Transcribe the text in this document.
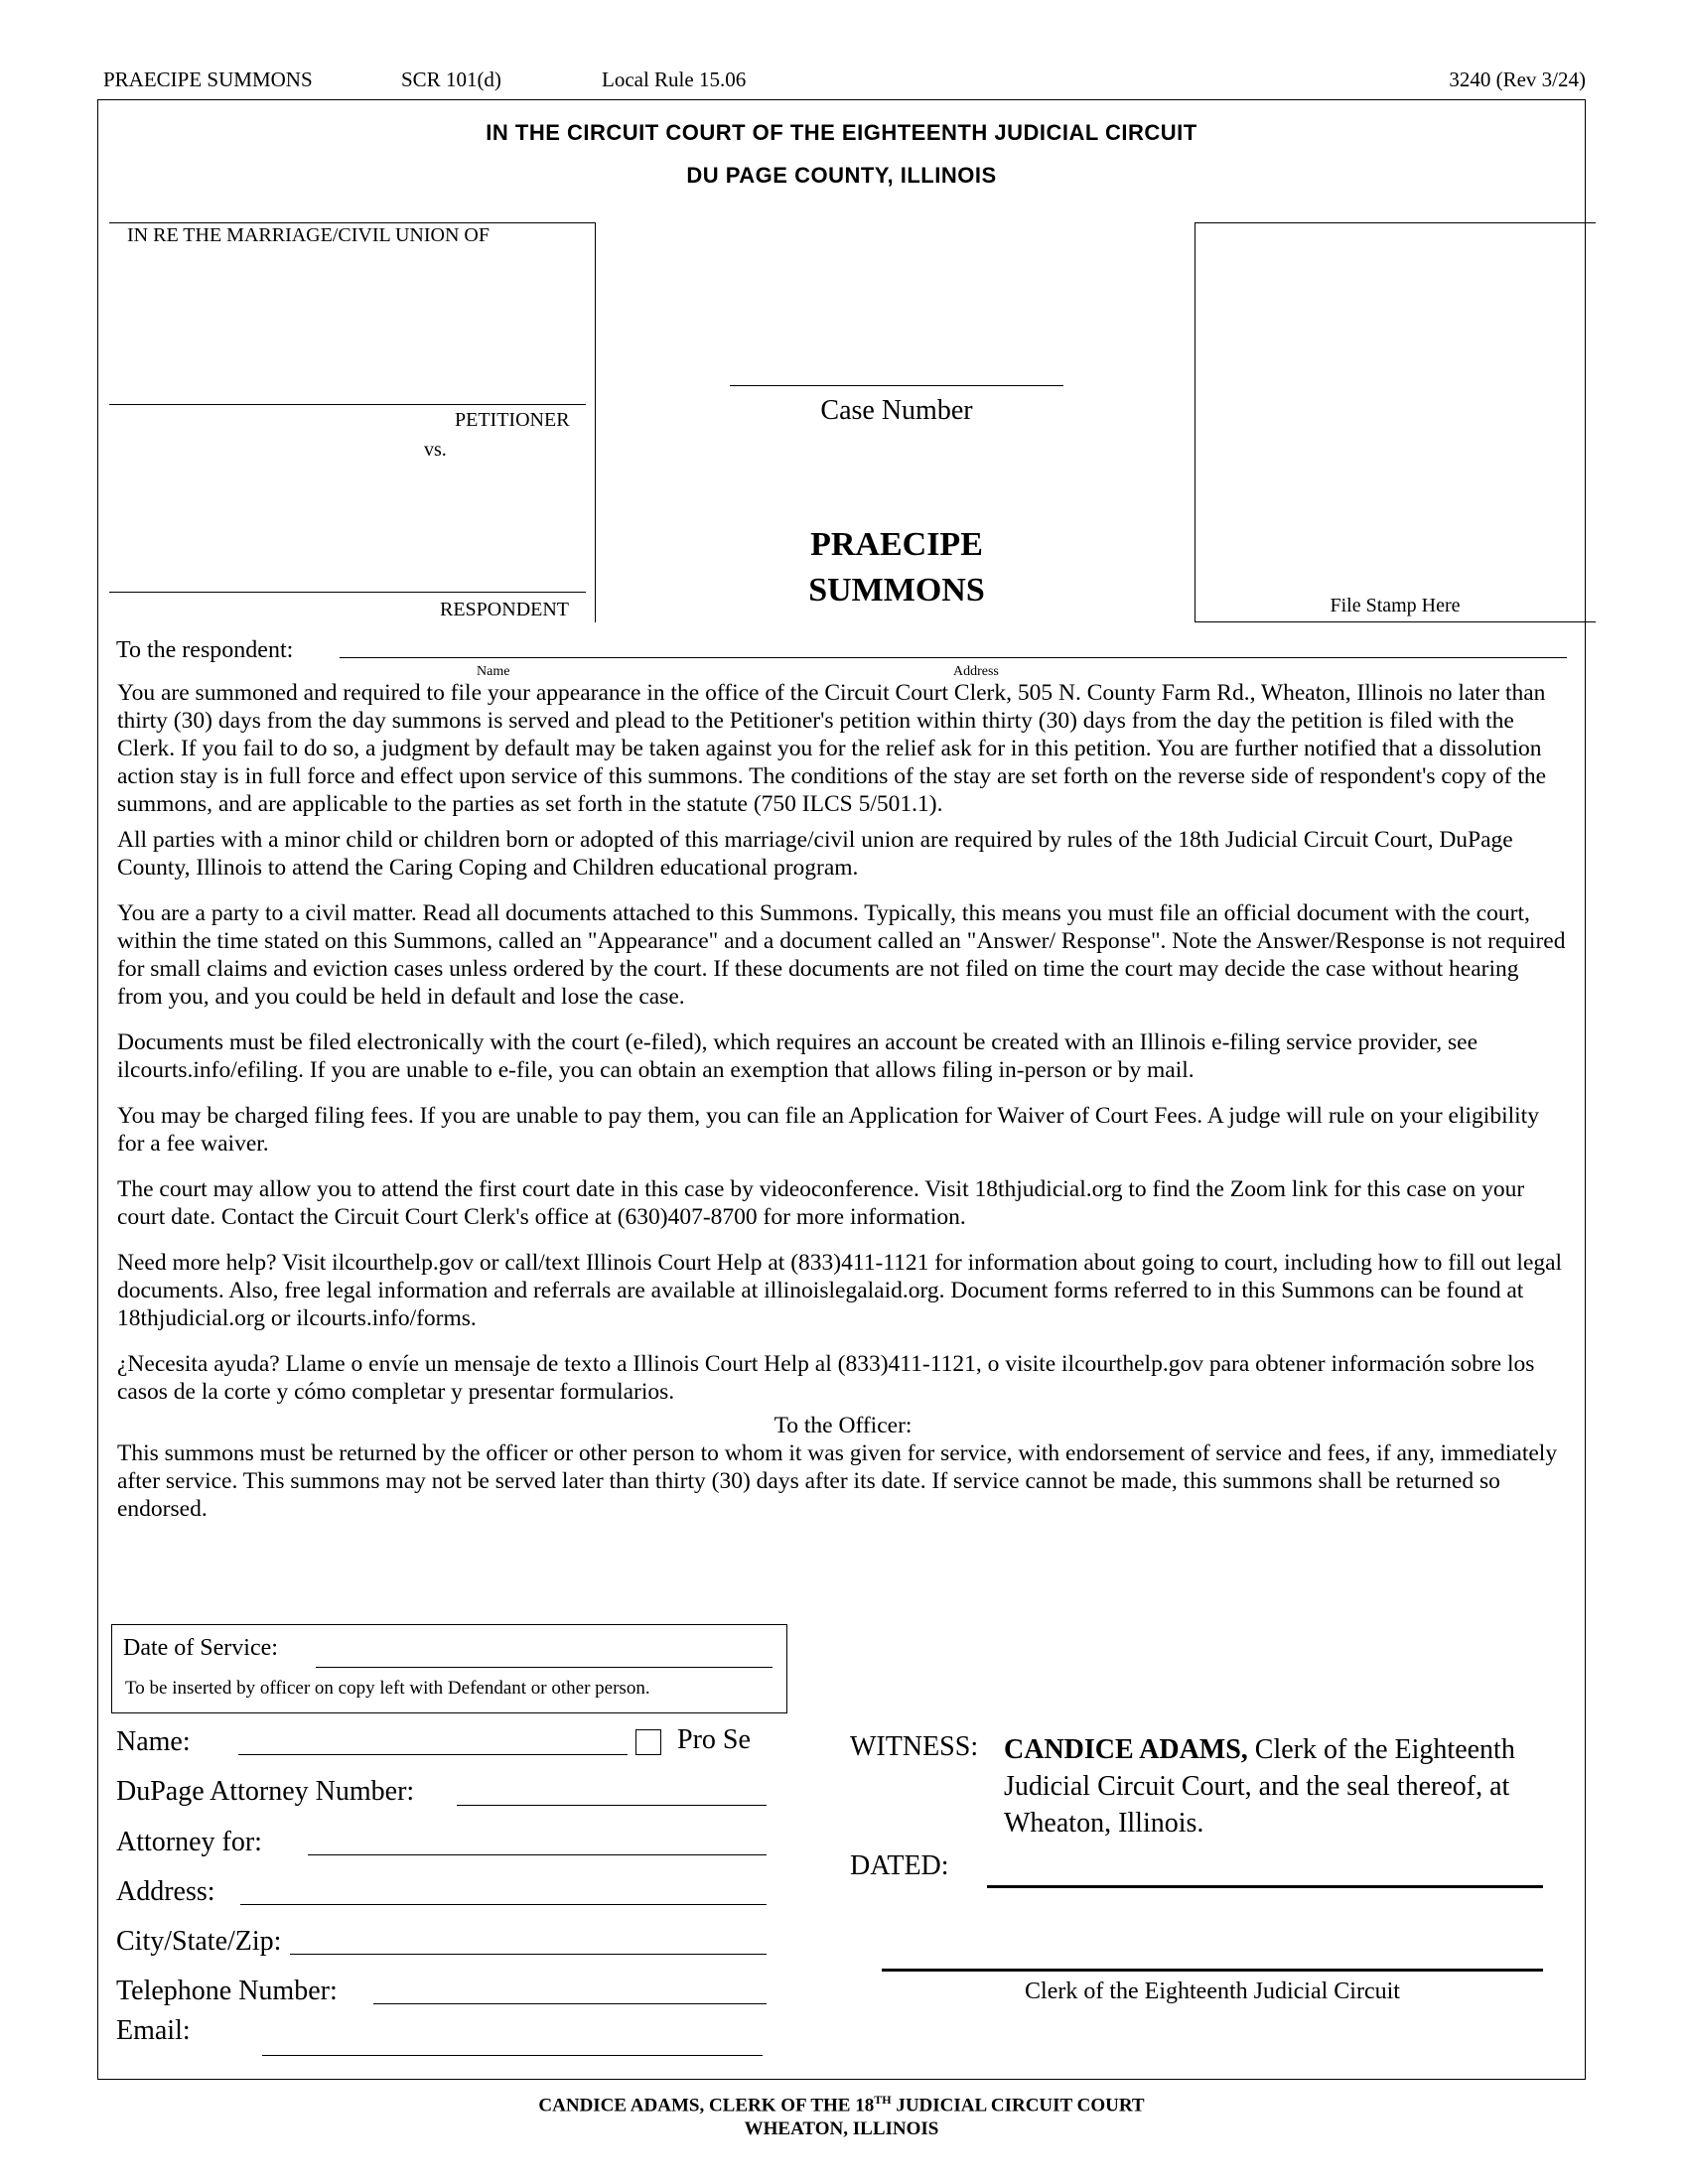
PRAECIPE SUMMONS	SCR 101(d)	Local Rule 15.06	3240 (Rev 3/24)
IN THE CIRCUIT COURT OF THE EIGHTEENTH JUDICIAL CIRCUIT
DU PAGE COUNTY, ILLINOIS
IN RE THE MARRIAGE/CIVIL UNION OF
PETITIONER
vs.
RESPONDENT
Case Number
PRAECIPE
SUMMONS	File Stamp Here
To the respondent:
Name	Address

You are summoned and required to file your appearance in the office of the Circuit Court Clerk, 505 N. County Farm Rd., Wheaton, Illinois no later than thirty (30) days from the day summons is served and plead to the Petitioner's petition within thirty (30) days from the day the petition is filed with the Clerk. If you fail to do so, a judgment by default may be taken against you for the relief ask for in this petition. You are further notified that a dissolution action stay is in full force and effect upon service of this summons. The conditions of the stay are set forth on the reverse side of respondent's copy of the summons, and are applicable to the parties as set forth in the statute (750 ILCS 5/501.1).

All parties with a minor child or children born or adopted of this marriage/civil union are required by rules of the 18th Judicial Circuit Court, DuPage County, Illinois to attend the Caring Coping and Children educational program.

You are a party to a civil matter. Read all documents attached to this Summons. Typically, this means you must file an official document with the court, within the time stated on this Summons, called an "Appearance" and a document called an "Answer/ Response". Note the Answer/Response is not required for small claims and eviction cases unless ordered by the court. If these documents are not filed on time the court may decide the case without hearing from you, and you could be held in default and lose the case.

Documents must be filed electronically with the court (e-filed), which requires an account be created with an Illinois e-filing service provider, see ilcourts.info/efiling. If you are unable to e-file, you can obtain an exemption that allows filing in-person or by mail.

You may be charged filing fees. If you are unable to pay them, you can file an Application for Waiver of Court Fees. A judge will rule on your eligibility for a fee waiver.

The court may allow you to attend the first court date in this case by videoconference. Visit 18thjudicial.org to find the Zoom link for this case on your court date. Contact the Circuit Court Clerk's office at (630)407-8700 for more information.

Need more help? Visit ilcourthelp.gov or call/text Illinois Court Help at (833)411-1121 for information about going to court, including how to fill out legal documents. Also, free legal information and referrals are available at illinoislegalaid.org. Document forms referred to in this Summons can be found at 18thjudicial.org or ilcourts.info/forms.

¿Necesita ayuda? Llame o envíe un mensaje de texto a Illinois Court Help al (833)411-1121, o visite ilcourthelp.gov para obtener información sobre los casos de la corte y cómo completar y presentar formularios.

To the Officer:
This summons must be returned by the officer or other person to whom it was given for service, with endorsement of service and fees, if any, immediately after service. This summons may not be served later than thirty (30) days after its date. If service cannot be made, this summons shall be returned so endorsed.
Date of Service:
To be inserted by officer on copy left with Defendant or other person.
Name:	Pro Se
DuPage Attorney Number:
Attorney for:
Address:
City/State/Zip:
Telephone Number:
Email:
WITNESS: CANDICE ADAMS, Clerk of the Eighteenth
Judicial Circuit Court, and the seal thereof, at
Wheaton, Illinois.
DATED:
Clerk of the Eighteenth Judicial Circuit
CANDICE ADAMS, CLERK OF THE 18TH JUDICIAL CIRCUIT COURT
WHEATON, ILLINOIS
